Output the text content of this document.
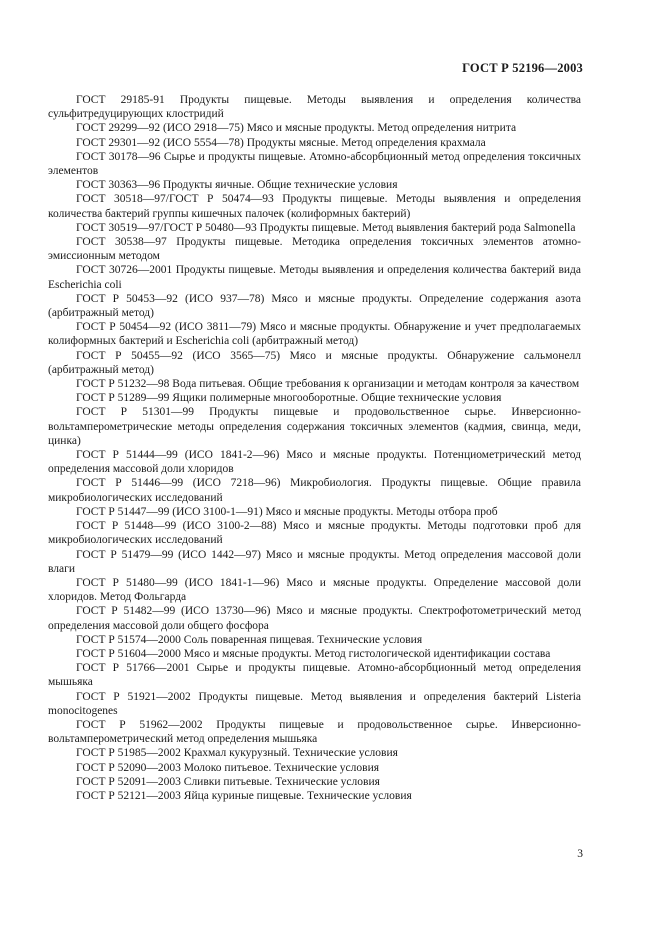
ГОСТ Р 52196—2003

ГОСТ 29185-91 Продукты пищевые. Методы выявления и определения количества сульфитредуцирующих клостридий

ГОСТ 29299—92 (ИСО 2918—75) Мясо и мясные продукты. Метод определения нитрита

ГОСТ 29301—92 (ИСО 5554—78) Продукты мясные. Метод определения крахмала

ГОСТ 30178—96 Сырье и продукты пищевые. Атомно-абсорбционный метод определения токсичных элементов

ГОСТ 30363—96 Продукты яичные. Общие технические условия

ГОСТ 30518—97/ГОСТ Р 50474—93 Продукты пищевые. Методы выявления и определения количества бактерий группы кишечных палочек (колиформных бактерий)

ГОСТ 30519—97/ГОСТ Р 50480—93 Продукты пищевые. Метод выявления бактерий рода Salmonella

ГОСТ 30538—97 Продукты пищевые. Методика определения токсичных элементов атомно-эмиссионным методом

ГОСТ 30726—2001 Продукты пищевые. Методы выявления и определения количества бактерий вида Escherichia coli

ГОСТ Р 50453—92 (ИСО 937—78) Мясо и мясные продукты. Определение содержания азота (арбитражный метод)

ГОСТ Р 50454—92 (ИСО 3811—79) Мясо и мясные продукты. Обнаружение и учет предполагаемых колиформных бактерий и Escherichia coli (арбитражный метод)

ГОСТ Р 50455—92 (ИСО 3565—75) Мясо и мясные продукты. Обнаружение сальмонелл (арбитражный метод)

ГОСТ Р 51232—98 Вода питьевая. Общие требования к организации и методам контроля за качеством

ГОСТ Р 51289—99 Ящики полимерные многооборотные. Общие технические условия

ГОСТ Р 51301—99 Продукты пищевые и продовольственное сырье. Инверсионно-вольтамперометрические методы определения содержания токсичных элементов (кадмия, свинца, меди, цинка)

ГОСТ Р 51444—99 (ИСО 1841-2—96) Мясо и мясные продукты. Потенциометрический метод определения массовой доли хлоридов

ГОСТ Р 51446—99 (ИСО 7218—96) Микробиология. Продукты пищевые. Общие правила микробиологических исследований

ГОСТ Р 51447—99 (ИСО 3100-1—91) Мясо и мясные продукты. Методы отбора проб

ГОСТ Р 51448—99 (ИСО 3100-2—88) Мясо и мясные продукты. Методы подготовки проб для микробиологических исследований

ГОСТ Р 51479—99 (ИСО 1442—97) Мясо и мясные продукты. Метод определения массовой доли влаги

ГОСТ Р 51480—99 (ИСО 1841-1—96) Мясо и мясные продукты. Определение массовой доли хлоридов. Метод Фольгарда

ГОСТ Р 51482—99 (ИСО 13730—96) Мясо и мясные продукты. Спектрофотометрический метод определения массовой доли общего фосфора

ГОСТ Р 51574—2000 Соль поваренная пищевая. Технические условия

ГОСТ Р 51604—2000 Мясо и мясные продукты. Метод гистологической идентификации состава

ГОСТ Р 51766—2001 Сырье и продукты пищевые. Атомно-абсорбционный метод определения мышьяка

ГОСТ Р 51921—2002 Продукты пищевые. Метод выявления и определения бактерий Listeria monocitogenes

ГОСТ Р 51962—2002 Продукты пищевые и продовольственное сырье. Инверсионно-вольтамперометрический метод определения мышьяка

ГОСТ Р 51985—2002 Крахмал кукурузный. Технические условия

ГОСТ Р 52090—2003 Молоко питьевое. Технические условия

ГОСТ Р 52091—2003 Сливки питьевые. Технические условия

ГОСТ Р 52121—2003 Яйца куриные пищевые. Технические условия

3
